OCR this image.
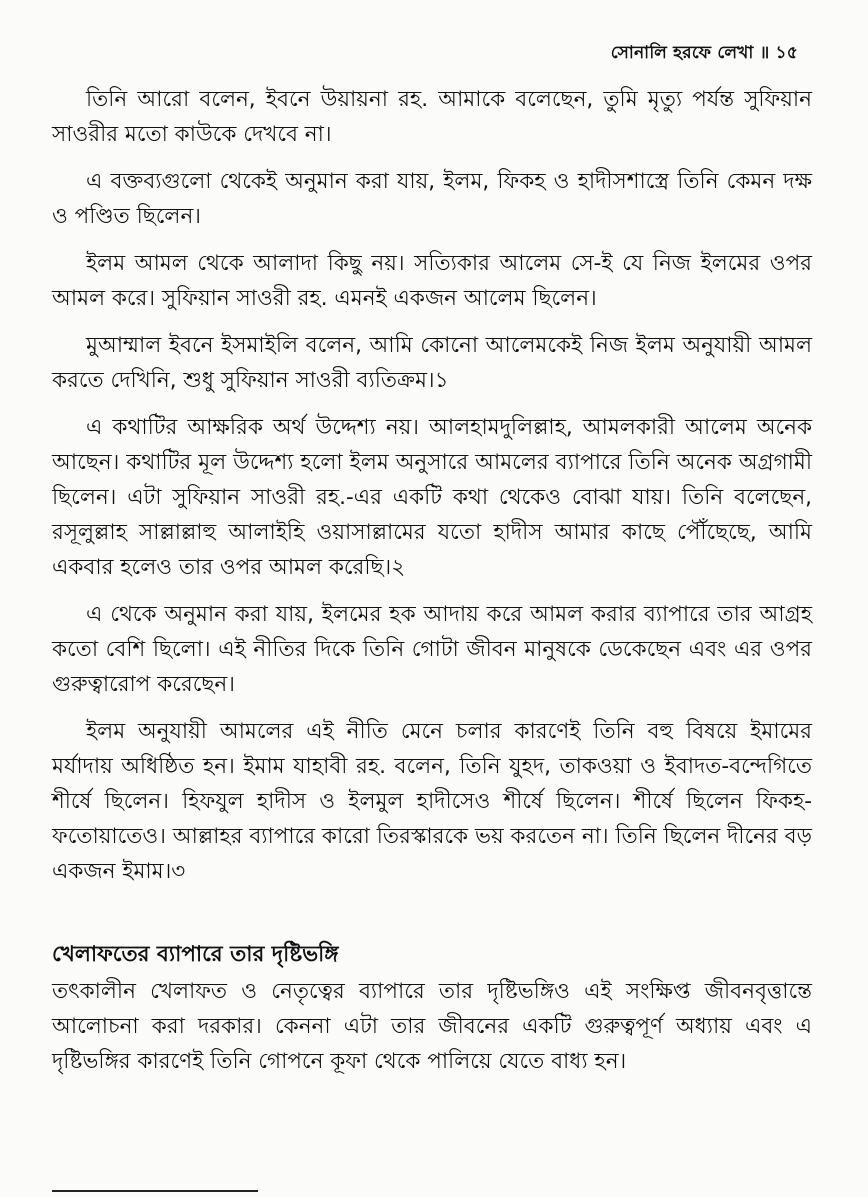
সোনালি হরফে লেখা ॥ ১৫

তিনি আরো বলেন, ইবনে উয়ায়না রহ. আমাকে বলেছেন, তুমি মৃত্যু পর্যন্ত সুফিয়ান সাওরীর মতো কাউকে দেখবে না।

এ বক্তব্যগুলো থেকেই অনুমান করা যায়, ইলম, ফিকহ ও হাদীসশাস্ত্রে তিনি কেমন দক্ষ ও পণ্ডিত ছিলেন।

ইলম আমল থেকে আলাদা কিছু নয়। সত্যিকার আলেম সে-ই যে নিজ ইলমের ওপর আমল করে। সুফিয়ান সাওরী রহ. এমনই একজন আলেম ছিলেন।

মুআম্মাল ইবনে ইসমাইলি বলেন, আমি কোনো আলেমকেই নিজ ইলম অনুযায়ী আমল করতে দেখিনি, শুধু সুফিয়ান সাওরী ব্যতিক্রম।১

এ কথাটির আক্ষরিক অর্থ উদ্দেশ্য নয়। আলহামদুলিল্লাহ, আমলকারী আলেম অনেক আছেন। কথাটির মূল উদ্দেশ্য হলো ইলম অনুসারে আমলের ব্যাপারে তিনি অনেক অগ্রগামী ছিলেন। এটা সুফিয়ান সাওরী রহ.-এর একটি কথা থেকেও বোঝা যায়। তিনি বলেছেন, রসূলুল্লাহ সাল্লাল্লাহু আলাইহি ওয়াসাল্লামের যতো হাদীস আমার কাছে পৌঁছেছে, আমি একবার হলেও তার ওপর আমল করেছি।২

এ থেকে অনুমান করা যায়, ইলমের হক আদায় করে আমল করার ব্যাপারে তার আগ্রহ কতো বেশি ছিলো। এই নীতির দিকে তিনি গোটা জীবন মানুষকে ডেকেছেন এবং এর ওপর গুরুত্বারোপ করেছেন।

ইলম অনুযায়ী আমলের এই নীতি মেনে চলার কারণেই তিনি বহু বিষয়ে ইমামের মর্যাদায় অধিষ্ঠিত হন। ইমাম যাহাবী রহ. বলেন, তিনি যুহদ, তাকওয়া ও ইবাদত-বন্দেগিতে শীর্ষে ছিলেন। হিফযুল হাদীস ও ইলমুল হাদীসেও শীর্ষে ছিলেন। শীর্ষে ছিলেন ফিকহ-ফতোয়াতেও। আল্লাহর ব্যাপারে কারো তিরস্কারকে ভয় করতেন না। তিনি ছিলেন দীনের বড় একজন ইমাম।৩

খেলাফতের ব্যাপারে তার দৃষ্টিভঙ্গি

তৎকালীন খেলাফত ও নেতৃত্বের ব্যাপারে তার দৃষ্টিভঙ্গিও এই সংক্ষিপ্ত জীবনবৃত্তান্তে আলোচনা করা দরকার। কেননা এটা তার জীবনের একটি গুরুত্বপূর্ণ অধ্যায় এবং এ দৃষ্টিভঙ্গির কারণেই তিনি গোপনে কূফা থেকে পালিয়ে যেতে বাধ্য হন।
